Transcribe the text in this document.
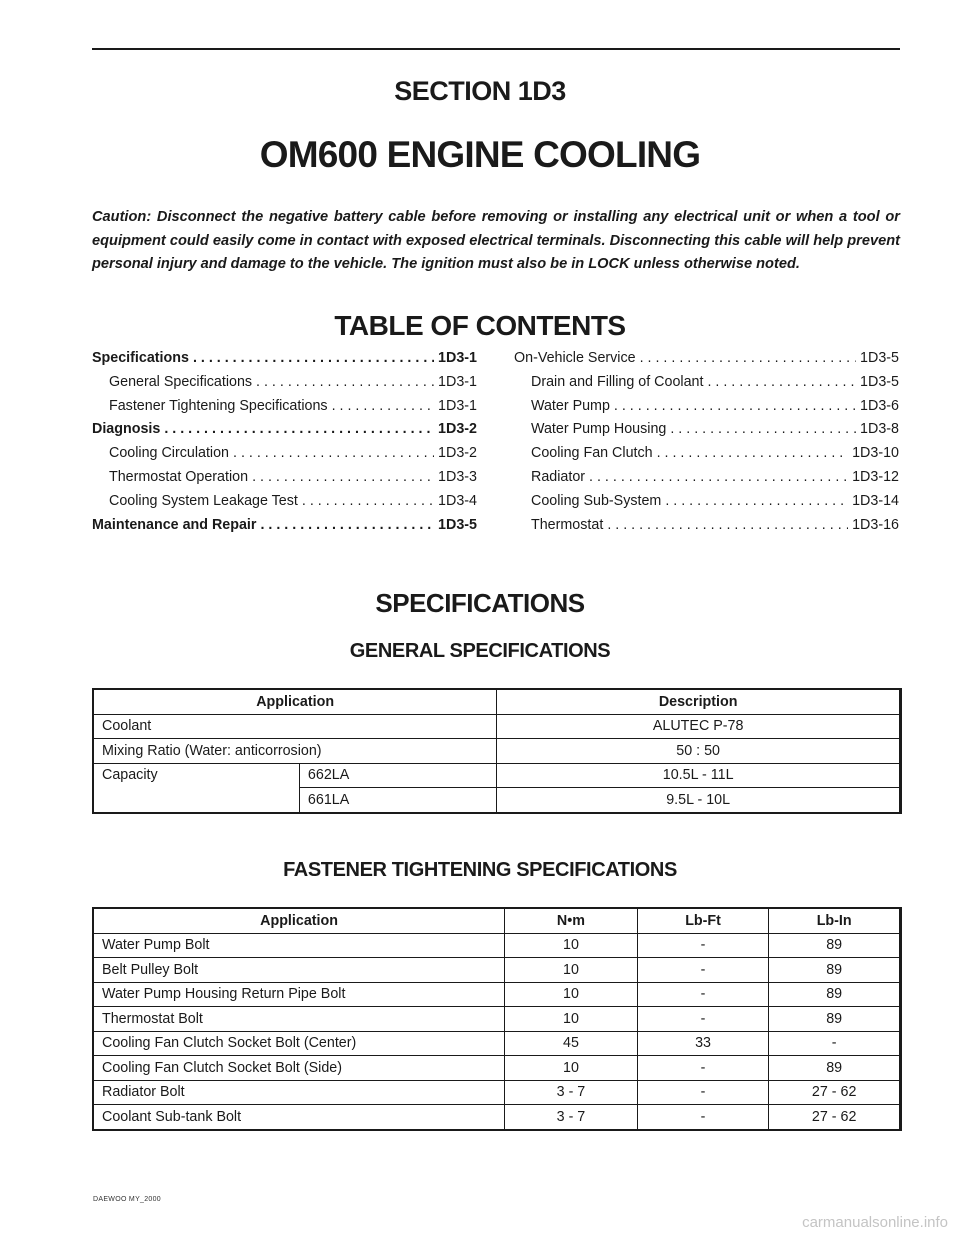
SECTION 1D3
OM600 ENGINE COOLING
Caution: Disconnect the negative battery cable before removing or installing any electrical unit or when a tool or equipment could easily come in contact with exposed electrical terminals. Disconnecting this cable will help prevent personal injury and damage to the vehicle. The ignition must also be in LOCK unless otherwise noted.
TABLE OF CONTENTS
Specifications . . .	1D3-1
General Specifications . . .	1D3-1
Fastener Tightening Specifications . . .	1D3-1
Diagnosis . . .	1D3-2
Cooling Circulation . . .	1D3-2
Thermostat Operation . . .	1D3-3
Cooling System Leakage Test . . .	1D3-4
Maintenance and Repair . . .	1D3-5
On-Vehicle Service . . .	1D3-5
Drain and Filling of Coolant . . .	1D3-5
Water Pump . . .	1D3-6
Water Pump Housing . . .	1D3-8
Cooling Fan Clutch . . .	1D3-10
Radiator . . .	1D3-12
Cooling Sub-System . . .	1D3-14
Thermostat . . .	1D3-16
SPECIFICATIONS
GENERAL SPECIFICATIONS
Application		Description
Coolant		ALUTEC P-78
Mixing Ratio (Water: anticorrosion)		50 : 50
Capacity	662LA	10.5L - 11L
	661LA	9.5L - 10L
FASTENER TIGHTENING SPECIFICATIONS
Application	N•m	Lb-Ft	Lb-In
Water Pump Bolt	10	-	89
Belt Pulley Bolt	10	-	89
Water Pump Housing Return Pipe Bolt	10	-	89
Thermostat Bolt	10	-	89
Cooling Fan Clutch Socket Bolt (Center)	45	33	-
Cooling Fan Clutch Socket Bolt (Side)	10	-	89
Radiator Bolt	3 - 7	-	27 - 62
Coolant Sub-tank Bolt	3 - 7	-	27 - 62
DAEWOO MY_2000
carmanualsonline.info
